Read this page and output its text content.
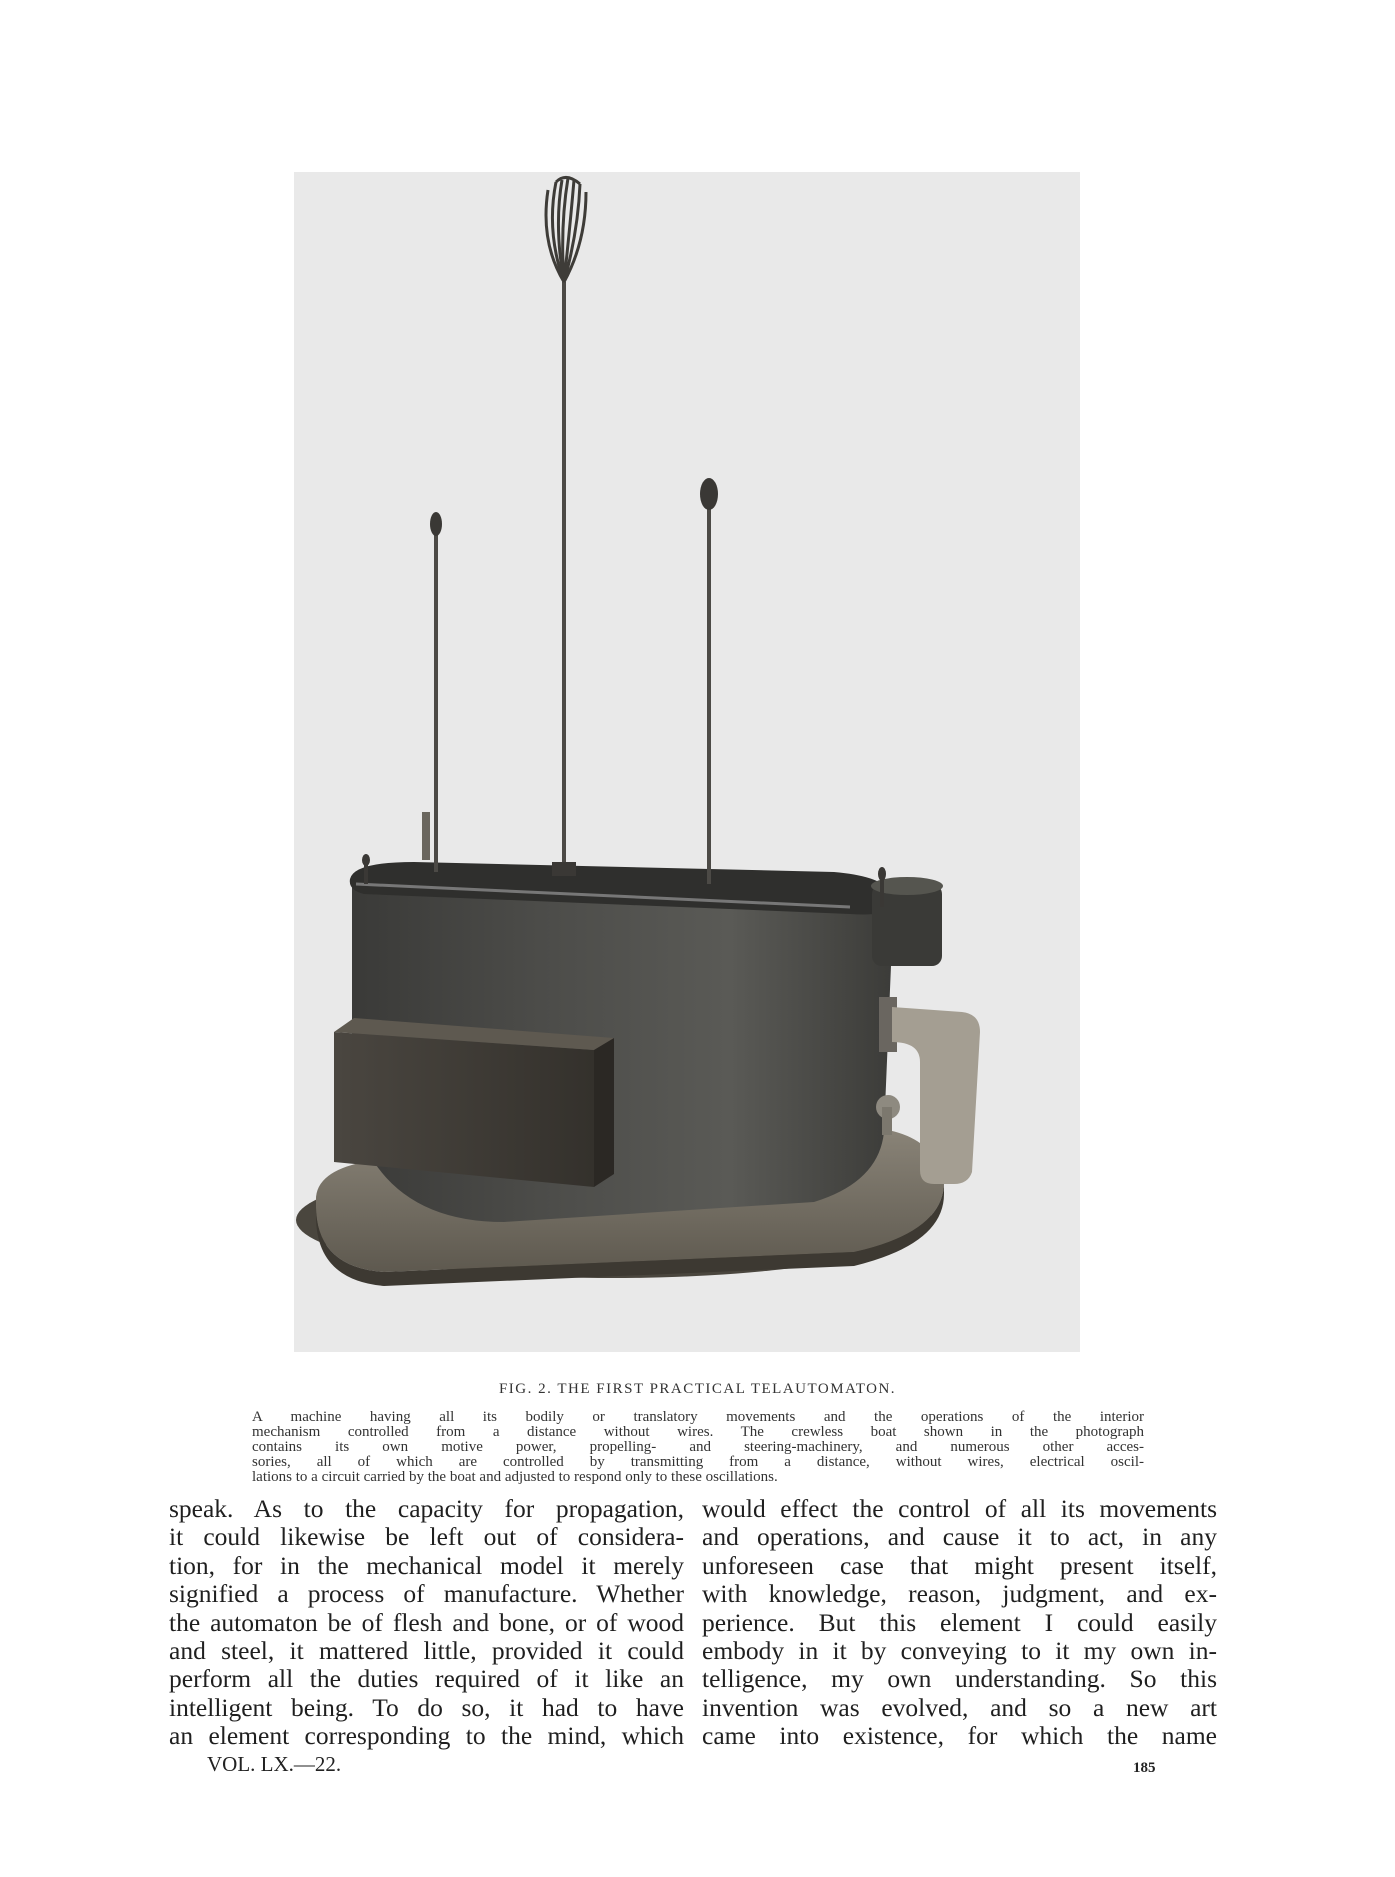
FIG. 2. THE FIRST PRACTICAL TELAUTOMATON.
A machine having all its bodily or translatory movements and the operations of the interior
mechanism controlled from a distance without wires. The crewless boat shown in the photograph
contains its own motive power, propelling- and steering-machinery, and numerous other acces-
sories, all of which are controlled by transmitting from a distance, without wires, electrical oscil-
lations to a circuit carried by the boat and adjusted to respond only to these oscillations.
speak. As to the capacity for propagation,
it could likewise be left out of considera-
tion, for in the mechanical model it merely
signified a process of manufacture. Whether
the automaton be of flesh and bone, or of wood
and steel, it mattered little, provided it could
perform all the duties required of it like an
intelligent being. To do so, it had to have
an element corresponding to the mind, which
would effect the control of all its movements
and operations, and cause it to act, in any
unforeseen case that might present itself,
with knowledge, reason, judgment, and ex-
perience. But this element I could easily
embody in it by conveying to it my own in-
telligence, my own understanding. So this
invention was evolved, and so a new art
came into existence, for which the name
VOL. LX.—22.	185
